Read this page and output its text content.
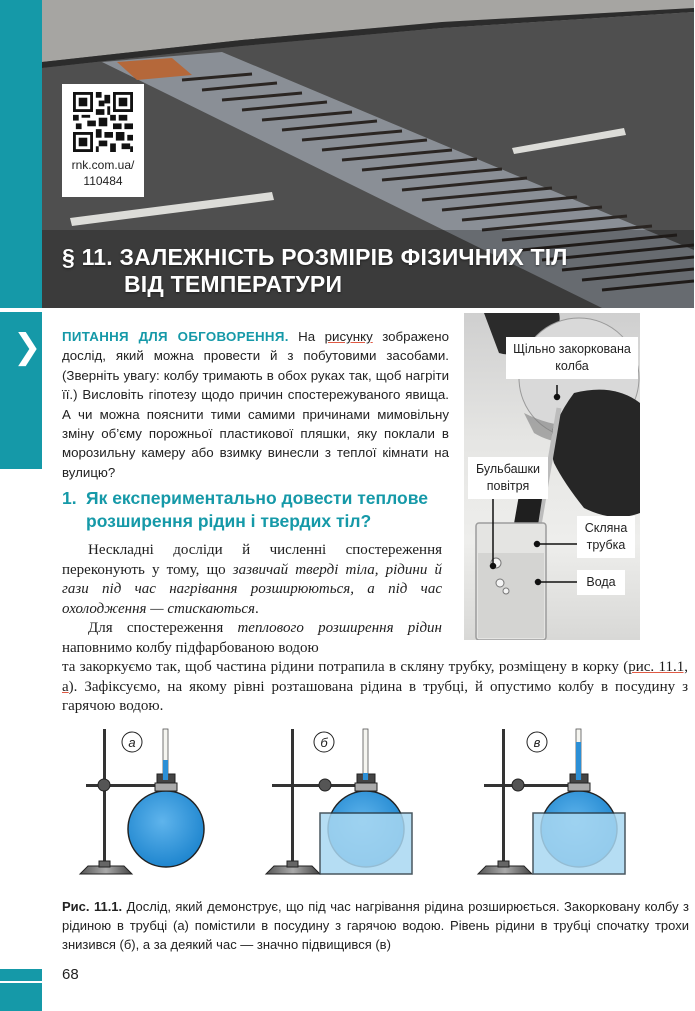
❯
rnk.com.ua/
110484
§ 11. ЗАЛЕЖНІСТЬ РОЗМІРІВ ФІЗИЧНИХ ТІЛ
ВІД ТЕМПЕРАТУРИ
ПИТАННЯ ДЛЯ ОБГОВОРЕННЯ. На рисунку зображено дослід, який можна провести й з побутовими засобами. (Зверніть увагу: колбу тримають в обох руках так, щоб нагріти її.) Висловіть гіпотезу щодо причин спостережуваного явища. А чи можна пояснити тими самими причинами мимовільну зміну об’єму порожньої пластикової пляшки, яку поклали в морозильну камеру або взимку винесли з теплої кімнати на вулицю?
Щільно закоркована колба
Бульбашки повітря
Скляна трубка
Вода
1. Як експериментально довести теплове
розширення рідин і твердих тіл?

Нескладні досліди й численні спостереження переконують у тому, що зазвичай тверді тіла, рідини й гази під час нагрівання розширюються, а під час охолодження — стискаються.

Для спостереження теплового розширення рідин наповнимо колбу підфарбованою водою

та закоркуємо так, щоб частина рідини потрапила в скляну трубку, розміщену в корку (рис. 11.1, а). Зафіксуємо, на якому рівні розташована рідина в трубці, й опустимо колбу в посудину з гарячою водою.

а	б	в
Рис. 11.1. Дослід, який демонструє, що під час нагрівання рідина розширюється. Закорковану колбу з рідиною в трубці (а) помістили в посудину з гарячою водою. Рівень рідини в трубці спочатку трохи знизився (б), а за деякий час — значно підвищився (в)
68
